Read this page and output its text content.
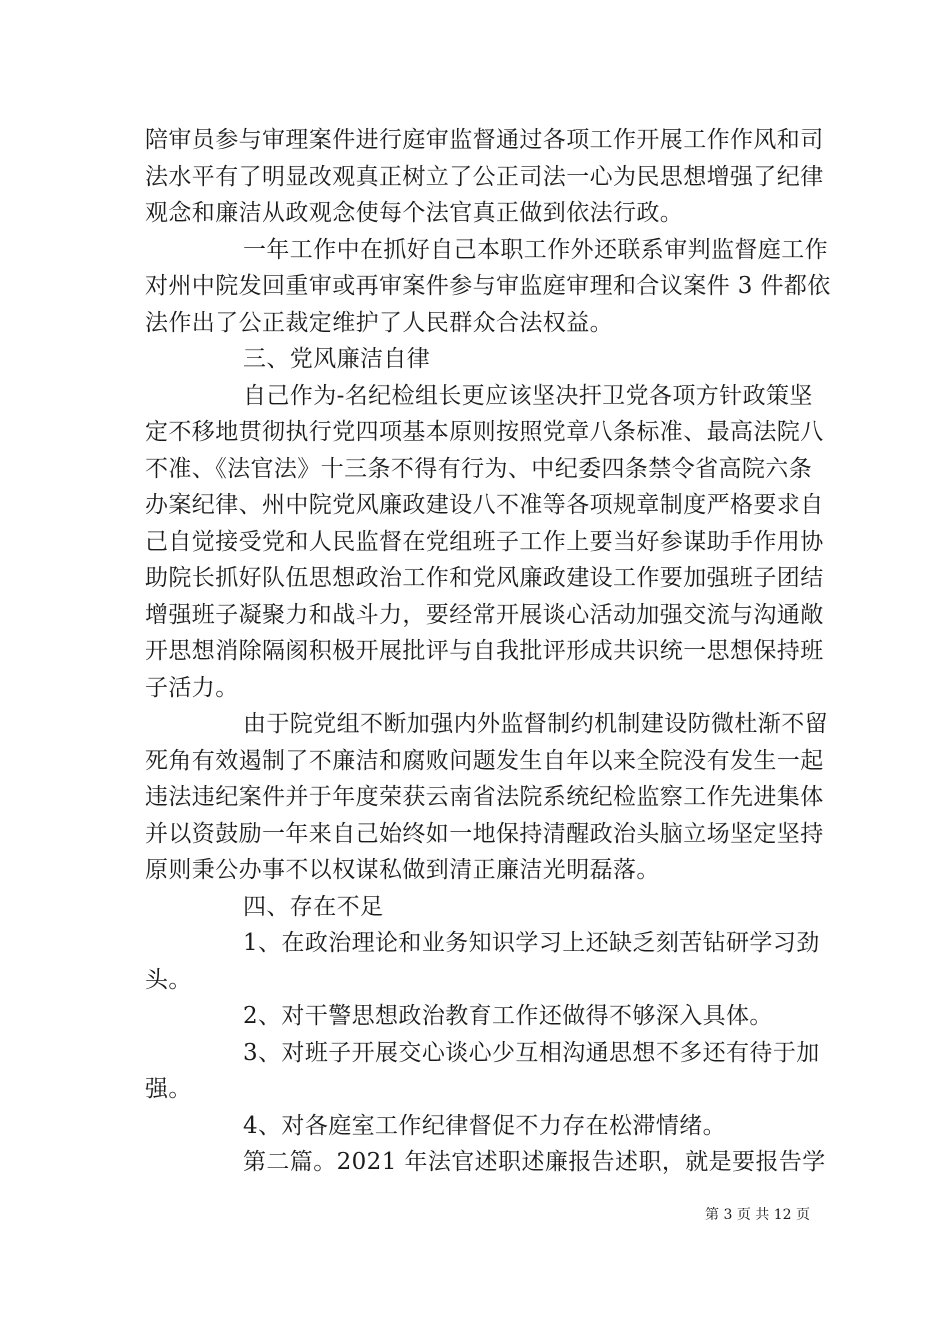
陪审员参与审理案件进行庭审监督通过各项工作开展工作作风和司
法水平有了明显改观真正树立了公正司法一心为民思想增强了纪律
观念和廉洁从政观念使每个法官真正做到依法行政。
一年工作中在抓好自己本职工作外还联系审判监督庭工作
对州中院发回重审或再审案件参与审监庭审理和合议案件 3 件都依
法作出了公正裁定维护了人民群众合法权益。
三、党风廉洁自律
自己作为-名纪检组长更应该坚决扞卫党各项方针政策坚
定不移地贯彻执行党四项基本原则按照党章八条标准、最高法院八
不准、《法官法》十三条不得有行为、中纪委四条禁令省高院六条
办案纪律、州中院党风廉政建设八不准等各项规章制度严格要求自
己自觉接受党和人民监督在党组班子工作上要当好参谋助手作用协
助院长抓好队伍思想政治工作和党风廉政建设工作要加强班子团结
增强班子凝聚力和战斗力，要经常开展谈心活动加强交流与沟通敞
开思想消除隔阂积极开展批评与自我批评形成共识统一思想保持班
子活力。
由于院党组不断加强内外监督制约机制建设防微杜渐不留
死角有效遏制了不廉洁和腐败问题发生自年以来全院没有发生一起
违法违纪案件并于年度荣获云南省法院系统纪检监察工作先进集体
并以资鼓励一年来自己始终如一地保持清醒政治头脑立场坚定坚持
原则秉公办事不以权谋私做到清正廉洁光明磊落。
四、存在不足
1、在政治理论和业务知识学习上还缺乏刻苦钻研学习劲
头。
2、对干警思想政治教育工作还做得不够深入具体。
3、对班子开展交心谈心少互相沟通思想不多还有待于加
强。
4、对各庭室工作纪律督促不力存在松滞情绪。
第二篇。2021 年法官述职述廉报告述职，就是要报告学
第 3 页 共 12 页
